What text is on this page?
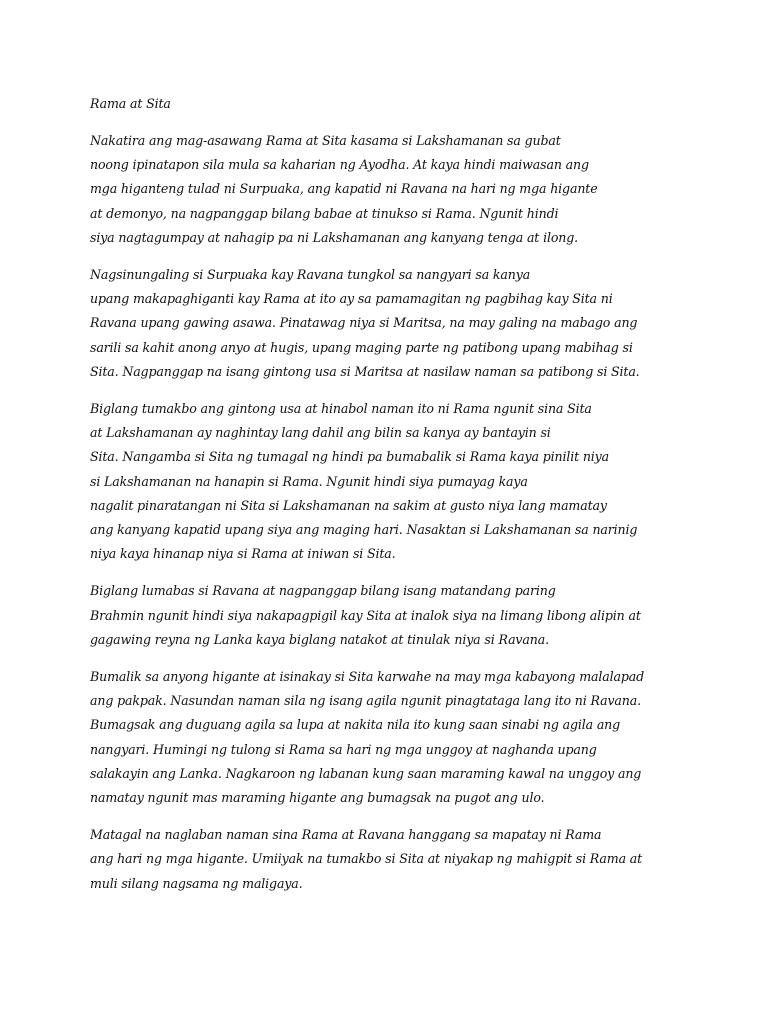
Rama at Sita
Nakatira ang mag-asawang Rama at Sita kasama si Lakshamanan sa gubat
noong ipinatapon sila mula sa kaharian ng Ayodha. At kaya hindi maiwasan ang
mga higanteng tulad ni Surpuaka, ang kapatid ni Ravana na hari ng mga higante
at demonyo, na nagpanggap bilang babae at tinukso si Rama. Ngunit hindi
siya nagtagumpay at nahagip pa ni Lakshamanan ang kanyang tenga at ilong.
Nagsinungaling si Surpuaka kay Ravana tungkol sa nangyari sa kanya
upang makapaghiganti kay Rama at ito ay sa pamamagitan ng pagbihag kay Sita ni
Ravana upang gawing asawa. Pinatawag niya si Maritsa, na may galing na mabago ang
sarili sa kahit anong anyo at hugis, upang maging parte ng patibong upang mabihag si
Sita. Nagpanggap na isang gintong usa si Maritsa at nasilaw naman sa patibong si Sita.
Biglang tumakbo ang gintong usa at hinabol naman ito ni Rama ngunit sina Sita
at Lakshamanan ay naghintay lang dahil ang bilin sa kanya ay bantayin si
Sita. Nangamba si Sita ng tumagal ng hindi pa bumabalik si Rama kaya pinilit niya
si Lakshamanan na hanapin si Rama. Ngunit hindi siya pumayag kaya
nagalit pinaratangan ni Sita si Lakshamanan na sakim at gusto niya lang mamatay
ang kanyang kapatid upang siya ang maging hari. Nasaktan si Lakshamanan sa narinig
niya kaya hinanap niya si Rama at iniwan si Sita.
Biglang lumabas si Ravana at nagpanggap bilang isang matandang paring
Brahmin ngunit hindi siya nakapagpigil kay Sita at inalok siya na limang libong alipin at
gagawing reyna ng Lanka kaya biglang natakot at tinulak niya si Ravana.
Bumalik sa anyong higante at isinakay si Sita karwahe na may mga kabayong malalapad
ang pakpak. Nasundan naman sila ng isang agila ngunit pinagtataga lang ito ni Ravana.
Bumagsak ang duguang agila sa lupa at nakita nila ito kung saan sinabi ng agila ang
nangyari. Humingi ng tulong si Rama sa hari ng mga unggoy at naghanda upang
salakayin ang Lanka. Nagkaroon ng labanan kung saan maraming kawal na unggoy ang
namatay ngunit mas maraming higante ang bumagsak na pugot ang ulo.
Matagal na naglaban naman sina Rama at Ravana hanggang sa mapatay ni Rama
ang hari ng mga higante. Umiiyak na tumakbo si Sita at niyakap ng mahigpit si Rama at
muli silang nagsama ng maligaya.
